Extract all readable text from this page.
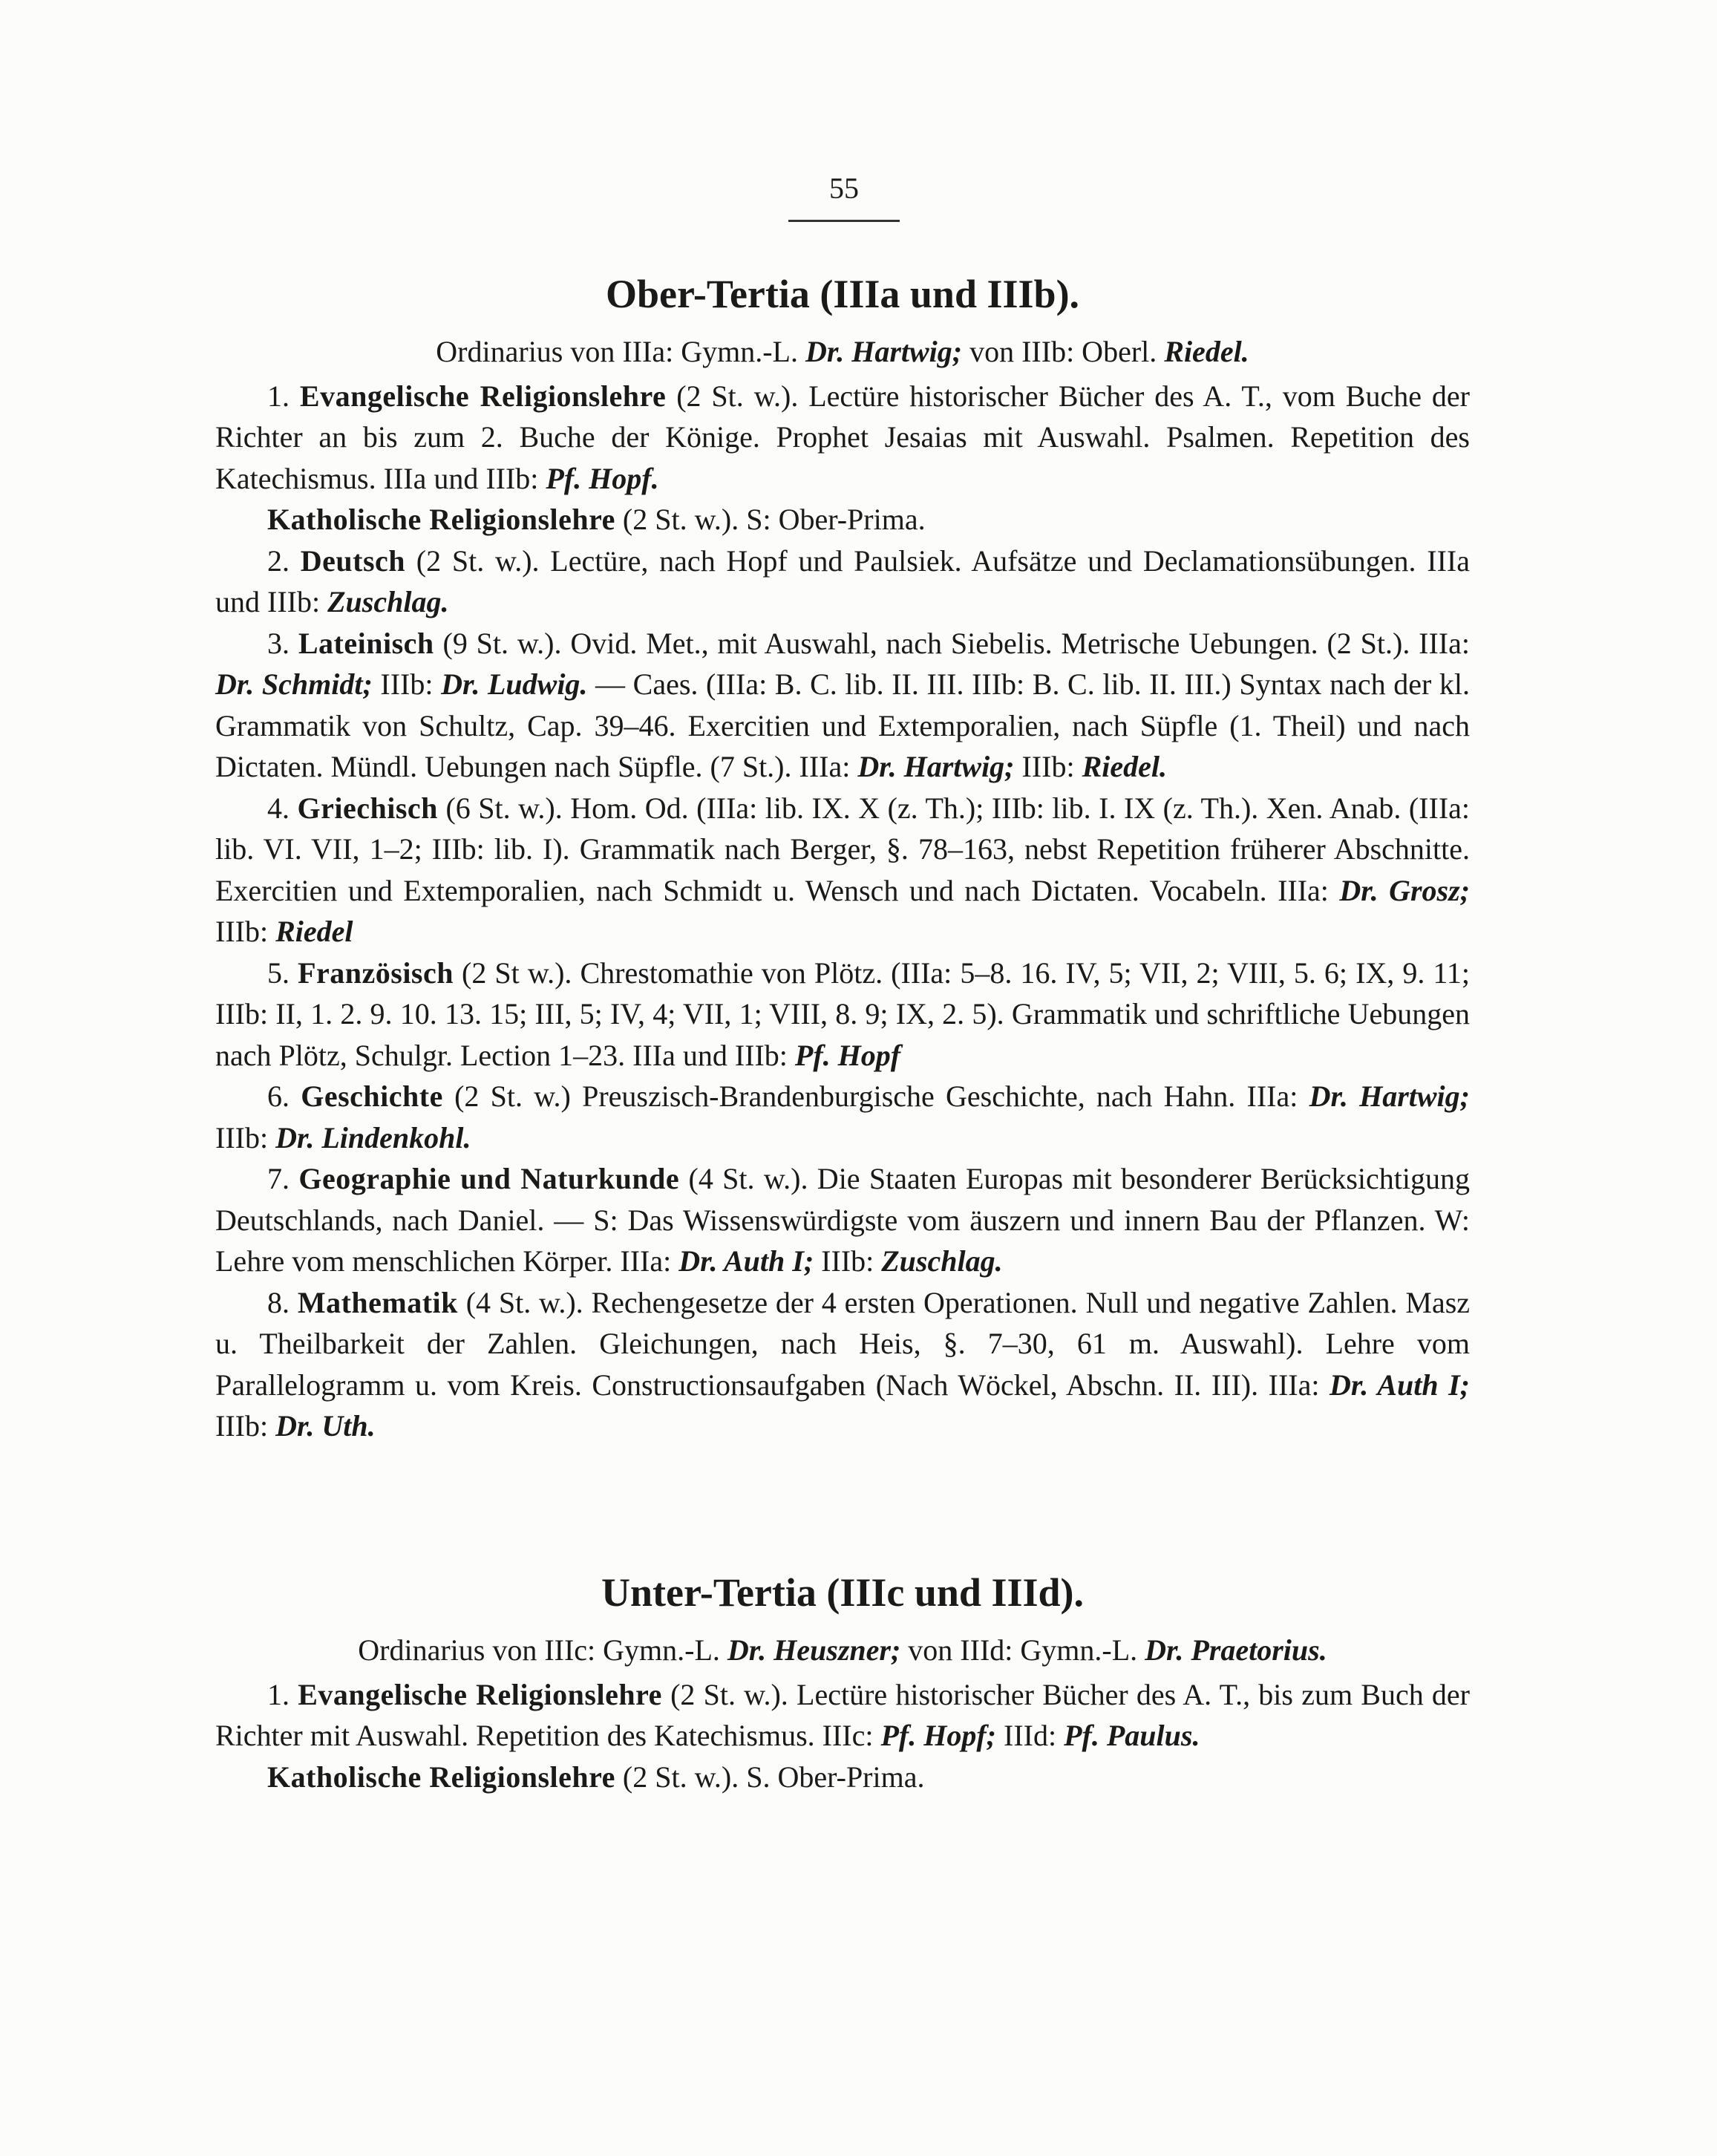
55
Ober-Tertia (IIIa und IIIb).
Ordinarius von IIIa: Gymn.-L. Dr. Hartwig; von IIIb: Oberl. Riedel.

1. Evangelische Religionslehre (2 St. w.). Lectüre historischer Bücher des A. T., vom Buche der Richter an bis zum 2. Buche der Könige. Prophet Jesaias mit Auswahl. Psalmen. Repetition des Katechismus. IIIa und IIIb: Pf. Hopf.

Katholische Religionslehre (2 St. w.). S: Ober-Prima.

2. Deutsch (2 St. w.). Lectüre, nach Hopf und Paulsiek. Aufsätze und Declamationsübungen. IIIa und IIIb: Zuschlag.

3. Lateinisch (9 St. w.). Ovid. Met., mit Auswahl, nach Siebelis. Metrische Uebungen. (2 St.). IIIa: Dr. Schmidt; IIIb: Dr. Ludwig. — Caes. (IIIa: B. C. lib. II. III. IIIb: B. C. lib. II. III.) Syntax nach der kl. Grammatik von Schultz, Cap. 39–46. Exercitien und Extemporalien, nach Süpfle (1. Theil) und nach Dictaten. Mündl. Uebungen nach Süpfle. (7 St.). IIIa: Dr. Hartwig; IIIb: Riedel.

4. Griechisch (6 St. w.). Hom. Od. (IIIa: lib. IX. X (z. Th.); IIIb: lib. I. IX (z. Th.). Xen. Anab. (IIIa: lib. VI. VII, 1–2; IIIb: lib. I). Grammatik nach Berger, §. 78–163, nebst Repetition früherer Abschnitte. Exercitien und Extemporalien, nach Schmidt u. Wensch und nach Dictaten. Vocabeln. IIIa: Dr. Grosz; IIIb: Riedel

5. Französisch (2 St w.). Chrestomathie von Plötz. (IIIa: 5–8. 16. IV, 5; VII, 2; VIII, 5. 6; IX, 9. 11; IIIb: II, 1. 2. 9. 10. 13. 15; III, 5; IV, 4; VII, 1; VIII, 8. 9; IX, 2. 5). Grammatik und schriftliche Uebungen nach Plötz, Schulgr. Lection 1–23. IIIa und IIIb: Pf. Hopf

6. Geschichte (2 St. w.) Preuszisch-Brandenburgische Geschichte, nach Hahn. IIIa: Dr. Hartwig; IIIb: Dr. Lindenkohl.

7. Geographie und Naturkunde (4 St. w.). Die Staaten Europas mit besonderer Berücksichtigung Deutschlands, nach Daniel. — S: Das Wissenswürdigste vom äuszern und innern Bau der Pflanzen. W: Lehre vom menschlichen Körper. IIIa: Dr. Auth I; IIIb: Zuschlag.

8. Mathematik (4 St. w.). Rechengesetze der 4 ersten Operationen. Null und negative Zahlen. Masz u. Theilbarkeit der Zahlen. Gleichungen, nach Heis, §. 7–30, 61 m. Auswahl). Lehre vom Parallelogramm u. vom Kreis. Constructionsaufgaben (Nach Wöckel, Abschn. II. III). IIIa: Dr. Auth I; IIIb: Dr. Uth.

Unter-Tertia (IIIc und IIId).
Ordinarius von IIIc: Gymn.-L. Dr. Heuszner; von IIId: Gymn.-L. Dr. Praetorius.

1. Evangelische Religionslehre (2 St. w.). Lectüre historischer Bücher des A. T., bis zum Buch der Richter mit Auswahl. Repetition des Katechismus. IIIc: Pf. Hopf; IIId: Pf. Paulus.

Katholische Religionslehre (2 St. w.). S. Ober-Prima.
